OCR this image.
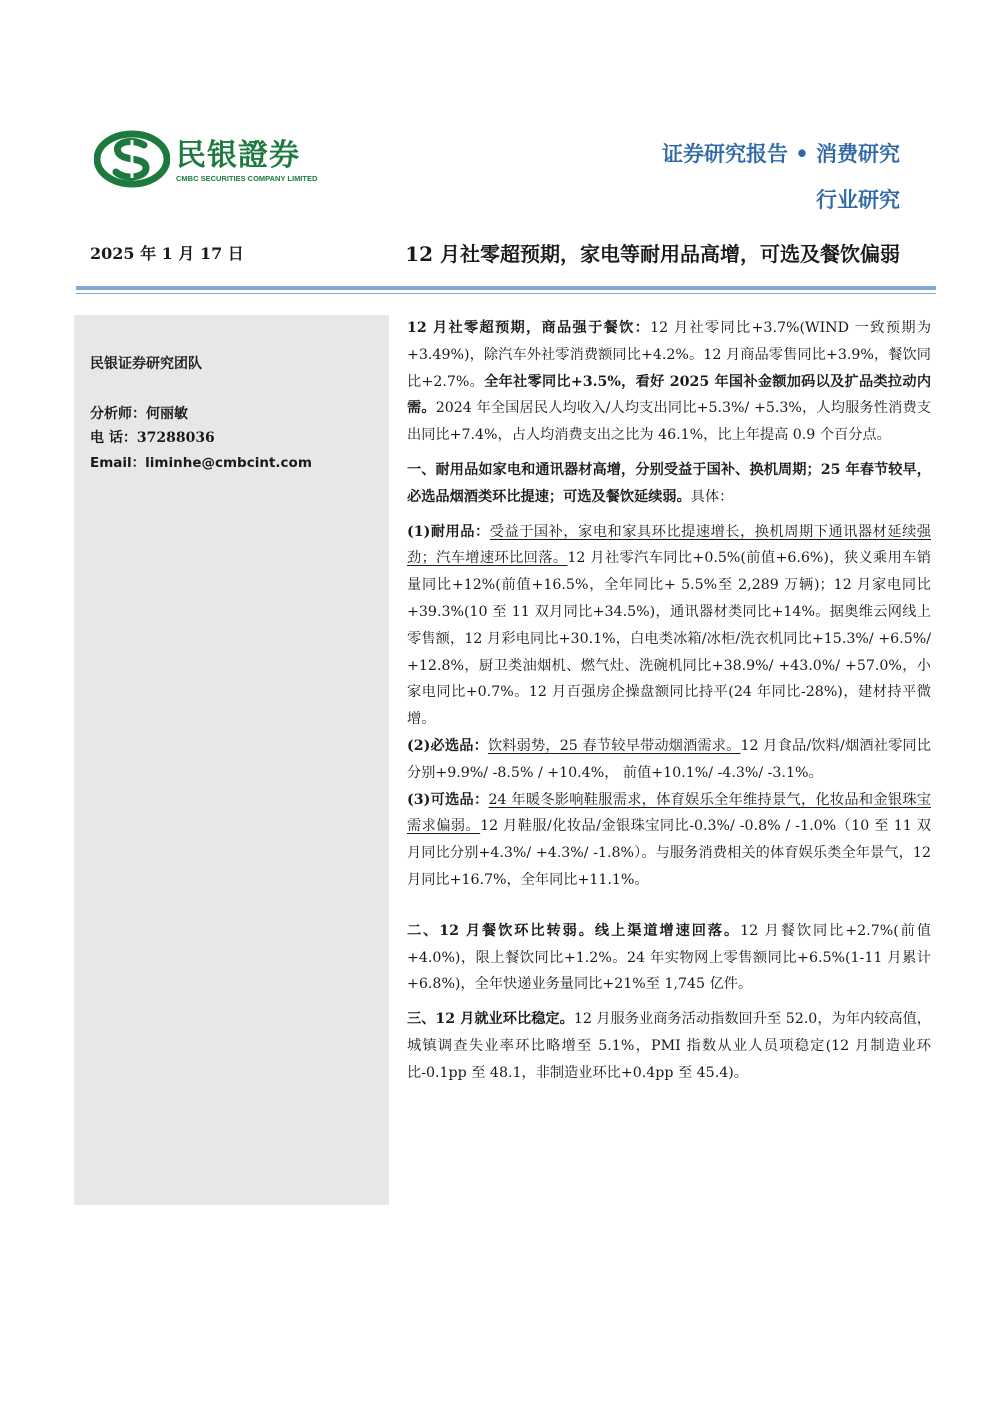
民银證券
CMBC SECURITIES COMPANY LIMITED
证券研究报告 • 消费研究
行业研究
2025 年 1 月 17 日	12 月社零超预期，家电等耐用品高增，可选及餐饮偏弱
民银证券研究团队
分析师：何丽敏
电 话：37288036
Email：liminhe@cmbcint.com

12 月社零超预期，商品强于餐饮：12 月社零同比+3.7%(WIND 一致预期为+3.49%)，除汽车外社零消费额同比+4.2%。12 月商品零售同比+3.9%，餐饮同比+2.7%。全年社零同比+3.5%，看好 2025 年国补金额加码以及扩品类拉动内需。2024 年全国居民人均收入/人均支出同比+5.3%/ +5.3%，人均服务性消费支出同比+7.4%，占人均消费支出之比为 46.1%，比上年提高 0.9 个百分点。

一、耐用品如家电和通讯器材高增，分别受益于国补、换机周期；25 年春节较早，必选品烟酒类环比提速；可选及餐饮延续弱。具体：

(1)耐用品：受益于国补，家电和家具环比提速增长，换机周期下通讯器材延续强劲；汽车增速环比回落。12 月社零汽车同比+0.5%(前值+6.6%)，狭义乘用车销量同比+12%(前值+16.5%，全年同比+ 5.5%至 2,289 万辆)；12 月家电同比+39.3%(10 至 11 双月同比+34.5%)，通讯器材类同比+14%。据奥维云网线上零售额，12 月彩电同比+30.1%，白电类冰箱/冰柜/洗衣机同比+15.3%/ +6.5%/ +12.8%，厨卫类油烟机、燃气灶、洗碗机同比+38.9%/ +43.0%/ +57.0%，小家电同比+0.7%。12 月百强房企操盘额同比持平(24 年同比-28%)，建材持平微增。

(2)必选品：饮料弱势，25 春节较早带动烟酒需求。12 月食品/饮料/烟酒社零同比分别+9.9%/ -8.5% / +10.4%， 前值+10.1%/ -4.3%/ -3.1%。

(3)可选品：24 年暖冬影响鞋服需求，体育娱乐全年维持景气，化妆品和金银珠宝需求偏弱。12 月鞋服/化妆品/金银珠宝同比-0.3%/ -0.8% / -1.0%（10 至 11 双月同比分别+4.3%/ +4.3%/ -1.8%）。与服务消费相关的体育娱乐类全年景气，12 月同比+16.7%，全年同比+11.1%。

二、12 月餐饮环比转弱。线上渠道增速回落。12 月餐饮同比+2.7%(前值+4.0%)，限上餐饮同比+1.2%。24 年实物网上零售额同比+6.5%(1-11 月累计+6.8%)，全年快递业务量同比+21%至 1,745 亿件。

三、12 月就业环比稳定。12 月服务业商务活动指数回升至 52.0，为年内较高值，城镇调查失业率环比略增至 5.1%，PMI 指数从业人员项稳定(12 月制造业环比-0.1pp 至 48.1，非制造业环比+0.4pp 至 45.4)。
